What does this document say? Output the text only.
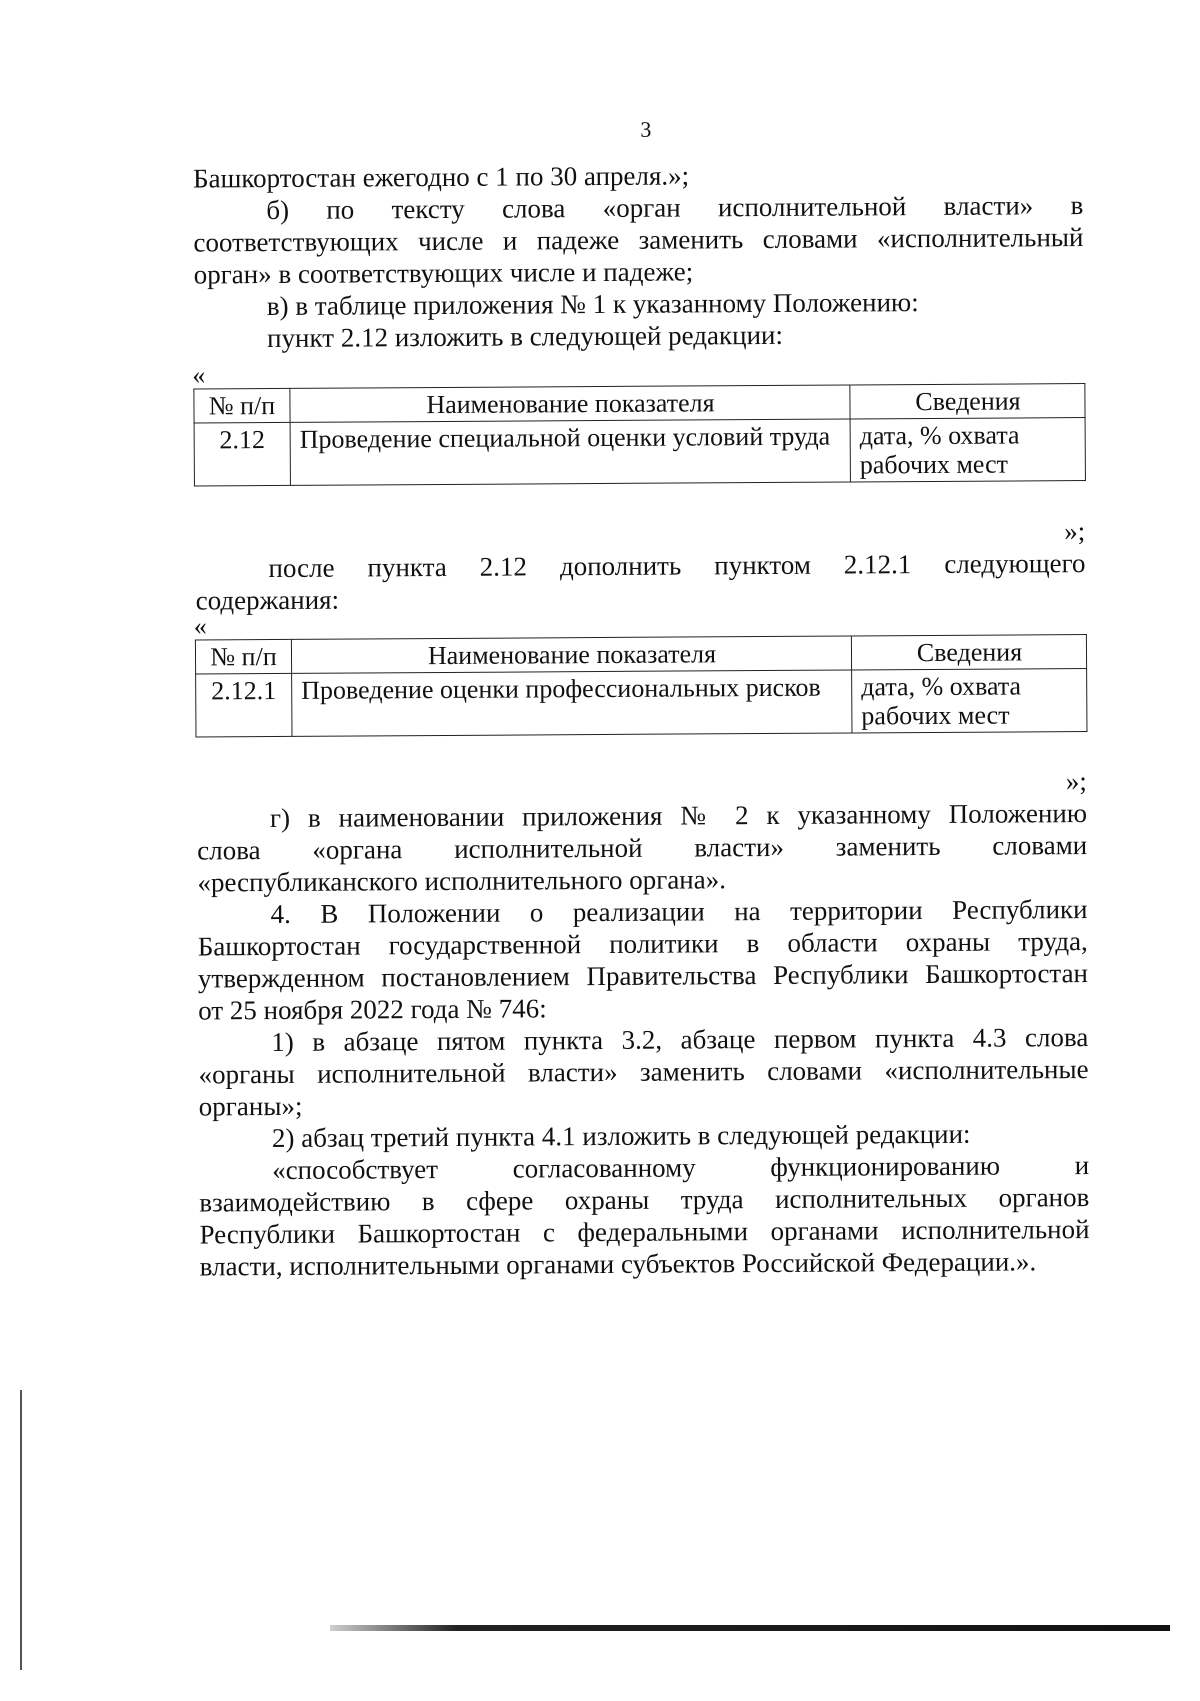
3
Башкортостан ежегодно с 1 по 30 апреля.»;
б) по тексту слова «орган исполнительной власти» в
соответствующих числе и падеже заменить словами «исполнительный
орган» в соответствующих числе и падеже;
в) в таблице приложения № 1 к указанному Положению:
пункт 2.12 изложить в следующей редакции:
«
№ п/п	Наименование показателя	Сведения
2.12	Проведение специальной оценки условий труда	дата, % охвата рабочих мест
»;
после пункта 2.12 дополнить пунктом 2.12.1 следующего
содержания:
«
№ п/п	Наименование показателя	Сведения
2.12.1	Проведение оценки профессиональных рисков	дата, % охвата рабочих мест
»;
г) в наименовании приложения № 2 к указанному Положению
слова «органа исполнительной власти» заменить словами
«республиканского исполнительного органа».
4. В Положении о реализации на территории Республики
Башкортостан государственной политики в области охраны труда,
утвержденном постановлением Правительства Республики Башкортостан
от 25 ноября 2022 года № 746:
1) в абзаце пятом пункта 3.2, абзаце первом пункта 4.3 слова
«органы исполнительной власти» заменить словами «исполнительные
органы»;
2) абзац третий пункта 4.1 изложить в следующей редакции:
«способствует согласованному функционированию и
взаимодействию в сфере охраны труда исполнительных органов
Республики Башкортостан с федеральными органами исполнительной
власти, исполнительными органами субъектов Российской Федерации.».
